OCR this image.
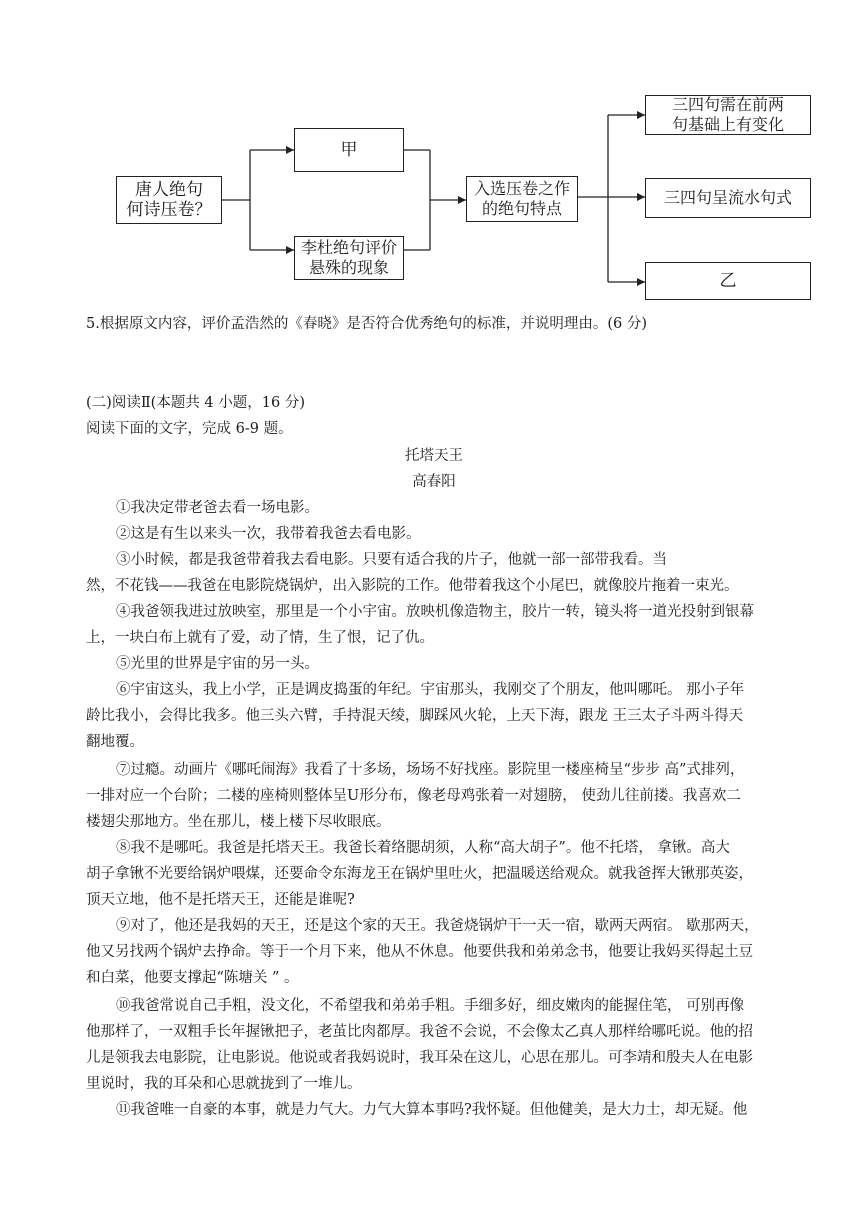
唐人绝句
何诗压卷？
甲
李杜绝句评价
悬殊的现象
入选压卷之作
的绝句特点
三四句需在前两
句基础上有变化
三四句呈流水句式
乙
5.根据原文内容，评价孟浩然的《春晓》是否符合优秀绝句的标准，并说明理由。(6 分)
(二)阅读Ⅱ(本题共 4 小题，16 分)
阅读下面的文字，完成 6-9 题。
托塔天王
高春阳
①我决定带老爸去看一场电影。
②这是有生以来头一次，我带着我爸去看电影。
③小时候，都是我爸带着我去看电影。只要有适合我的片子，他就一部一部带我看。当
然，不花钱——我爸在电影院烧锅炉，出入影院的工作。他带着我这个小尾巴，就像胶片拖着一束光。
④我爸领我进过放映室，那里是一个小宇宙。放映机像造物主，胶片一转，镜头将一道光投射到银幕
上，一块白布上就有了爱，动了情，生了恨，记了仇。
⑤光里的世界是宇宙的另一头。
⑥宇宙这头，我上小学，正是调皮捣蛋的年纪。宇宙那头，我刚交了个朋友，他叫哪吒。 那小子年
龄比我小，会得比我多。他三头六臂，手持混天绫，脚踩风火轮，上天下海，跟龙 王三太子斗两斗得天
翻地覆。
⑦过瘾。动画片《哪吒闹海》我看了十多场，场场不好找座。影院里一楼座椅呈“步步 高”式排列，
一排对应一个台阶；二楼的座椅则整体呈U形分布，像老母鸡张着一对翅膀， 使劲儿往前搂。我喜欢二
楼翅尖那地方。坐在那儿，楼上楼下尽收眼底。
⑧我不是哪吒。我爸是托塔天王。我爸长着络腮胡须，人称“高大胡子”。他不托塔， 拿锹。高大
胡子拿锹不光要给锅炉喂煤，还要命令东海龙王在锅炉里吐火，把温暖送给观众。就我爸挥大锹那英姿，
顶天立地，他不是托塔天王，还能是谁呢?
⑨对了，他还是我妈的天王，还是这个家的天王。我爸烧锅炉干一天一宿，歇两天两宿。 歇那两天，
他又另找两个锅炉去挣命。等于一个月下来，他从不休息。他要供我和弟弟念书，他要让我妈买得起土豆
和白菜，他要支撑起“陈塘关 ” 。
⑩我爸常说自己手粗，没文化，不希望我和弟弟手粗。手细多好，细皮嫩肉的能握住笔， 可别再像
他那样了，一双粗手长年握锹把子，老茧比肉都厚。我爸不会说，不会像太乙真人那样给哪吒说。他的招
儿是领我去电影院，让电影说。他说或者我妈说时，我耳朵在这儿，心思在那儿。可李靖和殷夫人在电影
里说时，我的耳朵和心思就拢到了一堆儿。
⑪我爸唯一自豪的本事，就是力气大。力气大算本事吗?我怀疑。但他健美，是大力士，却无疑。他
